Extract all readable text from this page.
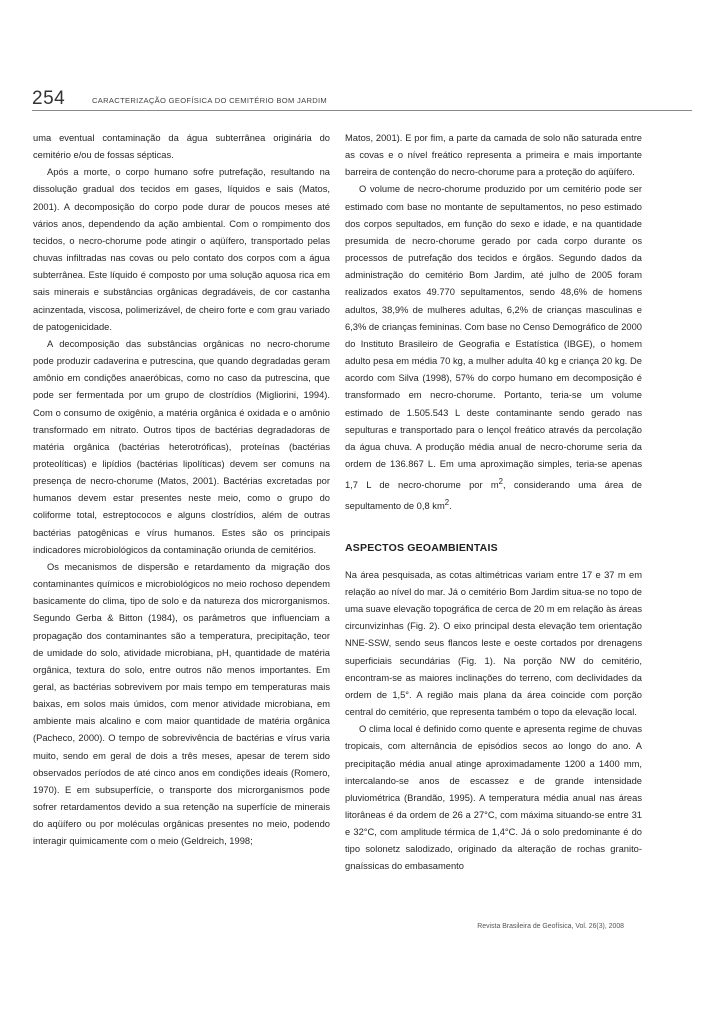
254	CARACTERIZAÇÃO GEOFÍSICA DO CEMITÉRIO BOM JARDIM

uma eventual contaminação da água subterrânea originária do cemitério e/ou de fossas sépticas.

Após a morte, o corpo humano sofre putrefação, resultando na dissolução gradual dos tecidos em gases, líquidos e sais (Matos, 2001). A decomposição do corpo pode durar de poucos meses até vários anos, dependendo da ação ambiental. Com o rompimento dos tecidos, o necro-chorume pode atingir o aqüífero, transportado pelas chuvas infiltradas nas covas ou pelo contato dos corpos com a água subterrânea. Este líquido é composto por uma solução aquosa rica em sais minerais e substâncias orgânicas degradáveis, de cor castanha acinzentada, viscosa, polimerizável, de cheiro forte e com grau variado de patogenicidade.

A decomposição das substâncias orgânicas no necro-chorume pode produzir cadaverina e putrescina, que quando degradadas geram amônio em condições anaeróbicas, como no caso da putrescina, que pode ser fermentada por um grupo de clostrídios (Migliorini, 1994). Com o consumo de oxigênio, a matéria orgânica é oxidada e o amônio transformado em nitrato. Outros tipos de bactérias degradadoras de matéria orgânica (bactérias heterotróficas), proteínas (bactérias proteolíticas) e lipídios (bactérias lipolíticas) devem ser comuns na presença de necro-chorume (Matos, 2001). Bactérias excretadas por humanos devem estar presentes neste meio, como o grupo do coliforme total, estreptococos e alguns clostrídios, além de outras bactérias patogênicas e vírus humanos. Estes são os principais indicadores microbiológicos da contaminação oriunda de cemitérios.

Os mecanismos de dispersão e retardamento da migração dos contaminantes químicos e microbiológicos no meio rochoso dependem basicamente do clima, tipo de solo e da natureza dos microrganismos. Segundo Gerba & Bitton (1984), os parâmetros que influenciam a propagação dos contaminantes são a temperatura, precipitação, teor de umidade do solo, atividade microbiana, pH, quantidade de matéria orgânica, textura do solo, entre outros não menos importantes. Em geral, as bactérias sobrevivem por mais tempo em temperaturas mais baixas, em solos mais úmidos, com menor atividade microbiana, em ambiente mais alcalino e com maior quantidade de matéria orgânica (Pacheco, 2000). O tempo de sobrevivência de bactérias e vírus varia muito, sendo em geral de dois a três meses, apesar de terem sido observados períodos de até cinco anos em condições ideais (Romero, 1970). E em subsuperfície, o transporte dos microrganismos pode sofrer retardamentos devido a sua retenção na superfície de minerais do aqüífero ou por moléculas orgânicas presentes no meio, podendo interagir quimicamente com o meio (Geldreich, 1998;

Matos, 2001). E por fim, a parte da camada de solo não saturada entre as covas e o nível freático representa a primeira e mais importante barreira de contenção do necro-chorume para a proteção do aqüífero.

O volume de necro-chorume produzido por um cemitério pode ser estimado com base no montante de sepultamentos, no peso estimado dos corpos sepultados, em função do sexo e idade, e na quantidade presumida de necro-chorume gerado por cada corpo durante os processos de putrefação dos tecidos e órgãos. Segundo dados da administração do cemitério Bom Jardim, até julho de 2005 foram realizados exatos 49.770 sepultamentos, sendo 48,6% de homens adultos, 38,9% de mulheres adultas, 6,2% de crianças masculinas e 6,3% de crianças femininas. Com base no Censo Demográfico de 2000 do Instituto Brasileiro de Geografia e Estatística (IBGE), o homem adulto pesa em média 70 kg, a mulher adulta 40 kg e criança 20 kg. De acordo com Silva (1998), 57% do corpo humano em decomposição é transformado em necro-chorume. Portanto, teria-se um volume estimado de 1.505.543 L deste contaminante sendo gerado nas sepulturas e transportado para o lençol freático através da percolação da água chuva. A produção média anual de necro-chorume seria da ordem de 136.867 L. Em uma aproximação simples, teria-se apenas 1,7 L de necro-chorume por $m^2$, considerando uma área de sepultamento de 0,8 $km^2$.

ASPECTOS GEOAMBIENTAIS

Na área pesquisada, as cotas altimétricas variam entre 17 e 37 m em relação ao nível do mar. Já o cemitério Bom Jardim situa-se no topo de uma suave elevação topográfica de cerca de 20 m em relação às áreas circunvizinhas (Fig. 2). O eixo principal desta elevação tem orientação NNE-SSW, sendo seus flancos leste e oeste cortados por drenagens superficiais secundárias (Fig. 1). Na porção NW do cemitério, encontram-se as maiores inclinações do terreno, com declividades da ordem de 1,5°. A região mais plana da área coincide com porção central do cemitério, que representa também o topo da elevação local.

O clima local é definido como quente e apresenta regime de chuvas tropicais, com alternância de episódios secos ao longo do ano. A precipitação média anual atinge aproximadamente 1200 a 1400 mm, intercalando-se anos de escassez e de grande intensidade pluviométrica (Brandão, 1995). A temperatura média anual nas áreas litorâneas é da ordem de 26 a 27°C, com máxima situando-se entre 31 e 32°C, com amplitude térmica de 1,4°C. Já o solo predominante é do tipo solonetz salodizado, originado da alteração de rochas granito-gnaíssicas do embasamento

Revista Brasileira de Geofísica, Vol. 26(3), 2008
